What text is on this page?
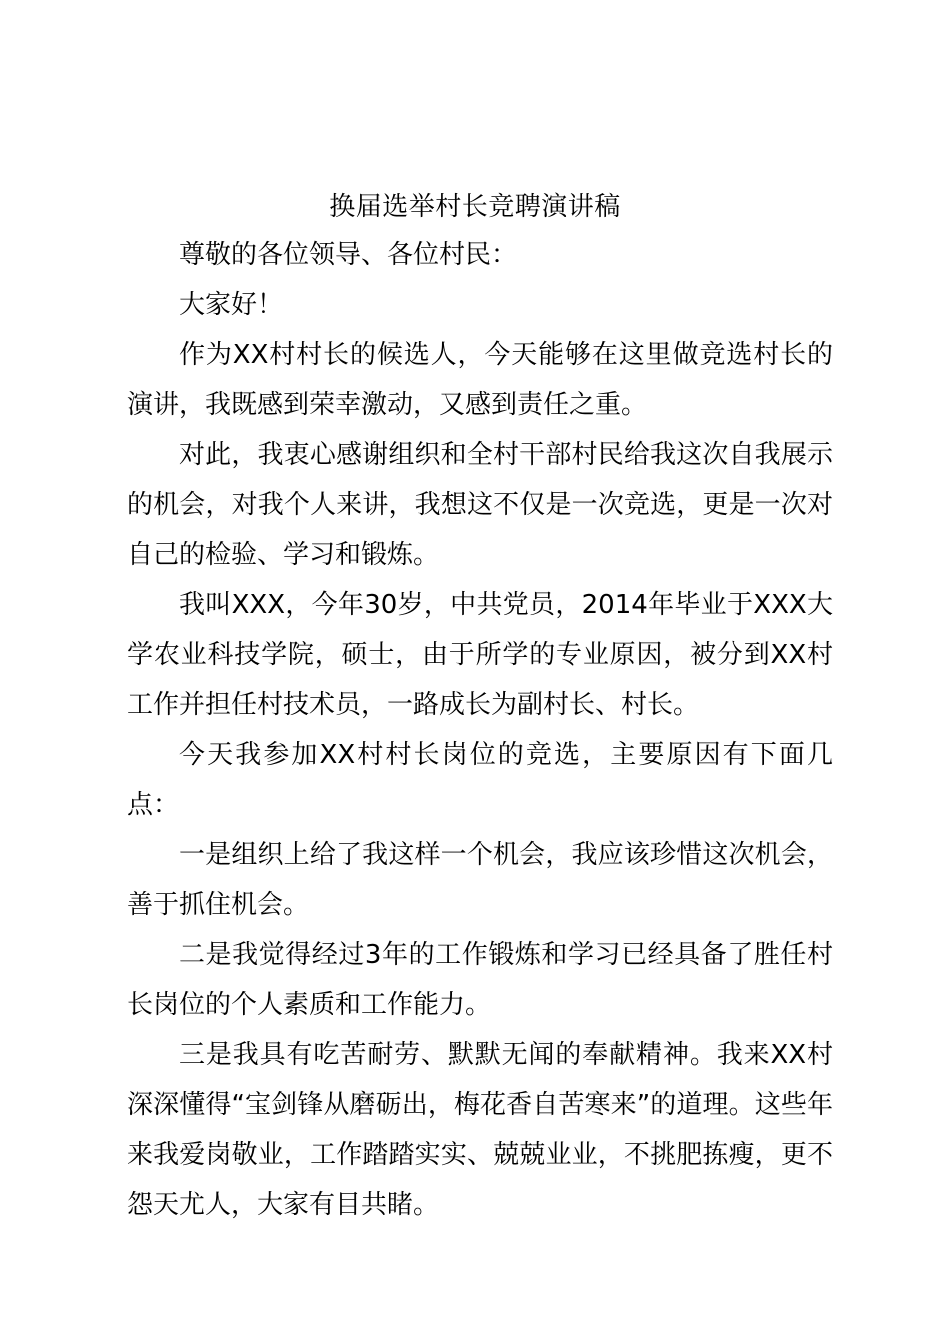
换届选举村长竞聘演讲稿

尊敬的各位领导、各位村民：

大家好！

作为XX村村长的候选人，今天能够在这里做竞选村长的演讲，我既感到荣幸激动，又感到责任之重。

对此，我衷心感谢组织和全村干部村民给我这次自我展示的机会，对我个人来讲，我想这不仅是一次竞选，更是一次对自己的检验、学习和锻炼。

我叫XXX，今年30岁，中共党员，2014年毕业于XXX大学农业科技学院，硕士，由于所学的专业原因，被分到XX村工作并担任村技术员，一路成长为副村长、村长。

今天我参加XX村村长岗位的竞选，主要原因有下面几点：

一是组织上给了我这样一个机会，我应该珍惜这次机会，善于抓住机会。

二是我觉得经过3年的工作锻炼和学习已经具备了胜任村长岗位的个人素质和工作能力。

三是我具有吃苦耐劳、默默无闻的奉献精神。我来XX村深深懂得“宝剑锋从磨砺出，梅花香自苦寒来”的道理。这些年来我爱岗敬业，工作踏踏实实、兢兢业业，不挑肥拣瘦，更不怨天尤人，大家有目共睹。
